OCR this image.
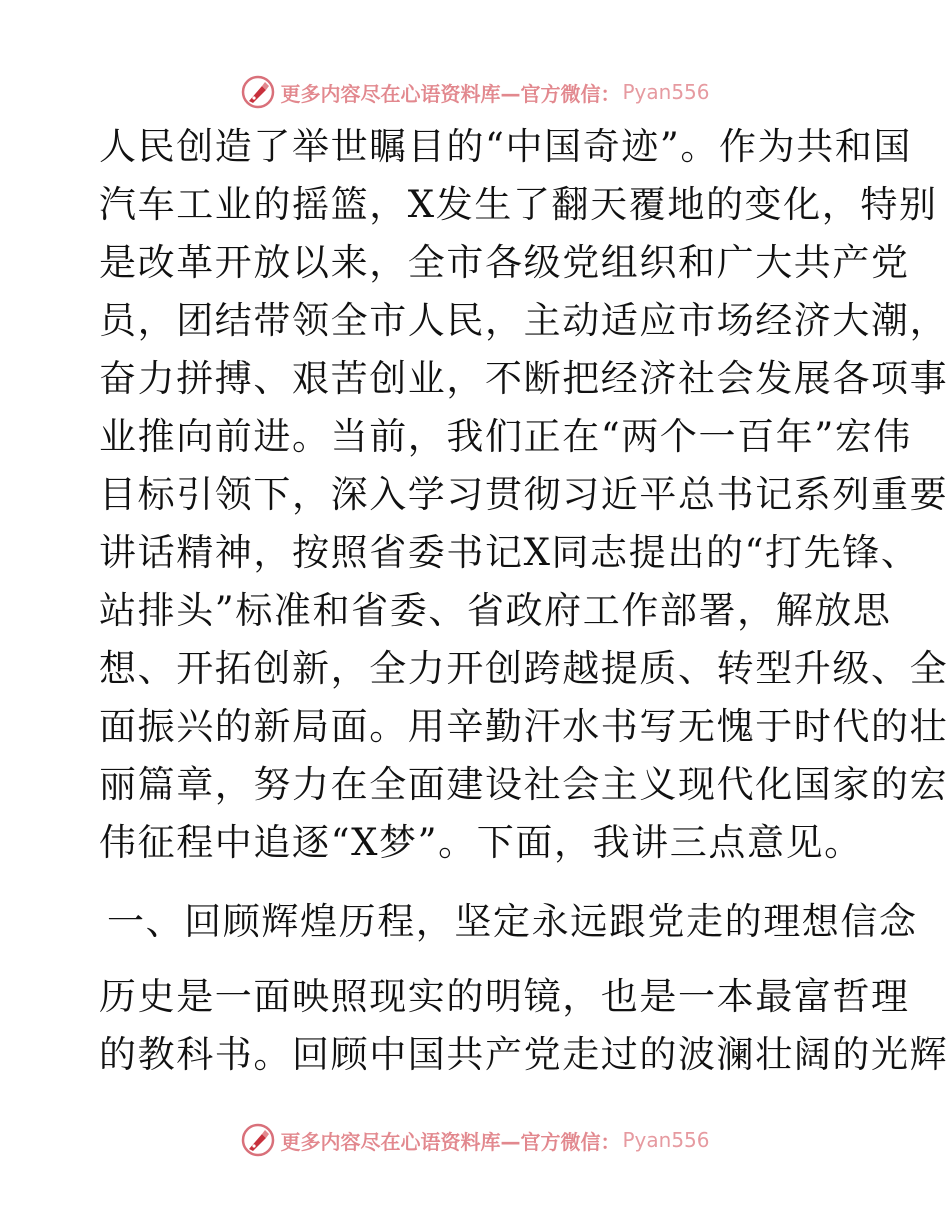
更多内容尽在心语资料库—官方微信： Pyan556
人民创造了举世瞩目的“中国奇迹”。作为共和国
汽车工业的摇篮，X发生了翻天覆地的变化，特别
是改革开放以来，全市各级党组织和广大共产党
员，团结带领全市人民，主动适应市场经济大潮，
奋力拼搏、艰苦创业，不断把经济社会发展各项事
业推向前进。当前，我们正在“两个一百年”宏伟
目标引领下，深入学习贯彻习近平总书记系列重要
讲话精神，按照省委书记X同志提出的“打先锋、
站排头”标准和省委、省政府工作部署，解放思
想、开拓创新，全力开创跨越提质、转型升级、全
面振兴的新局面。用辛勤汗水书写无愧于时代的壮
丽篇章，努力在全面建设社会主义现代化国家的宏
伟征程中追逐“X梦”。下面，我讲三点意见。
一、回顾辉煌历程，坚定永远跟党走的理想信念
历史是一面映照现实的明镜，也是一本最富哲理
的教科书。回顾中国共产党走过的波澜壮阔的光辉
更多内容尽在心语资料库—官方微信： Pyan556
